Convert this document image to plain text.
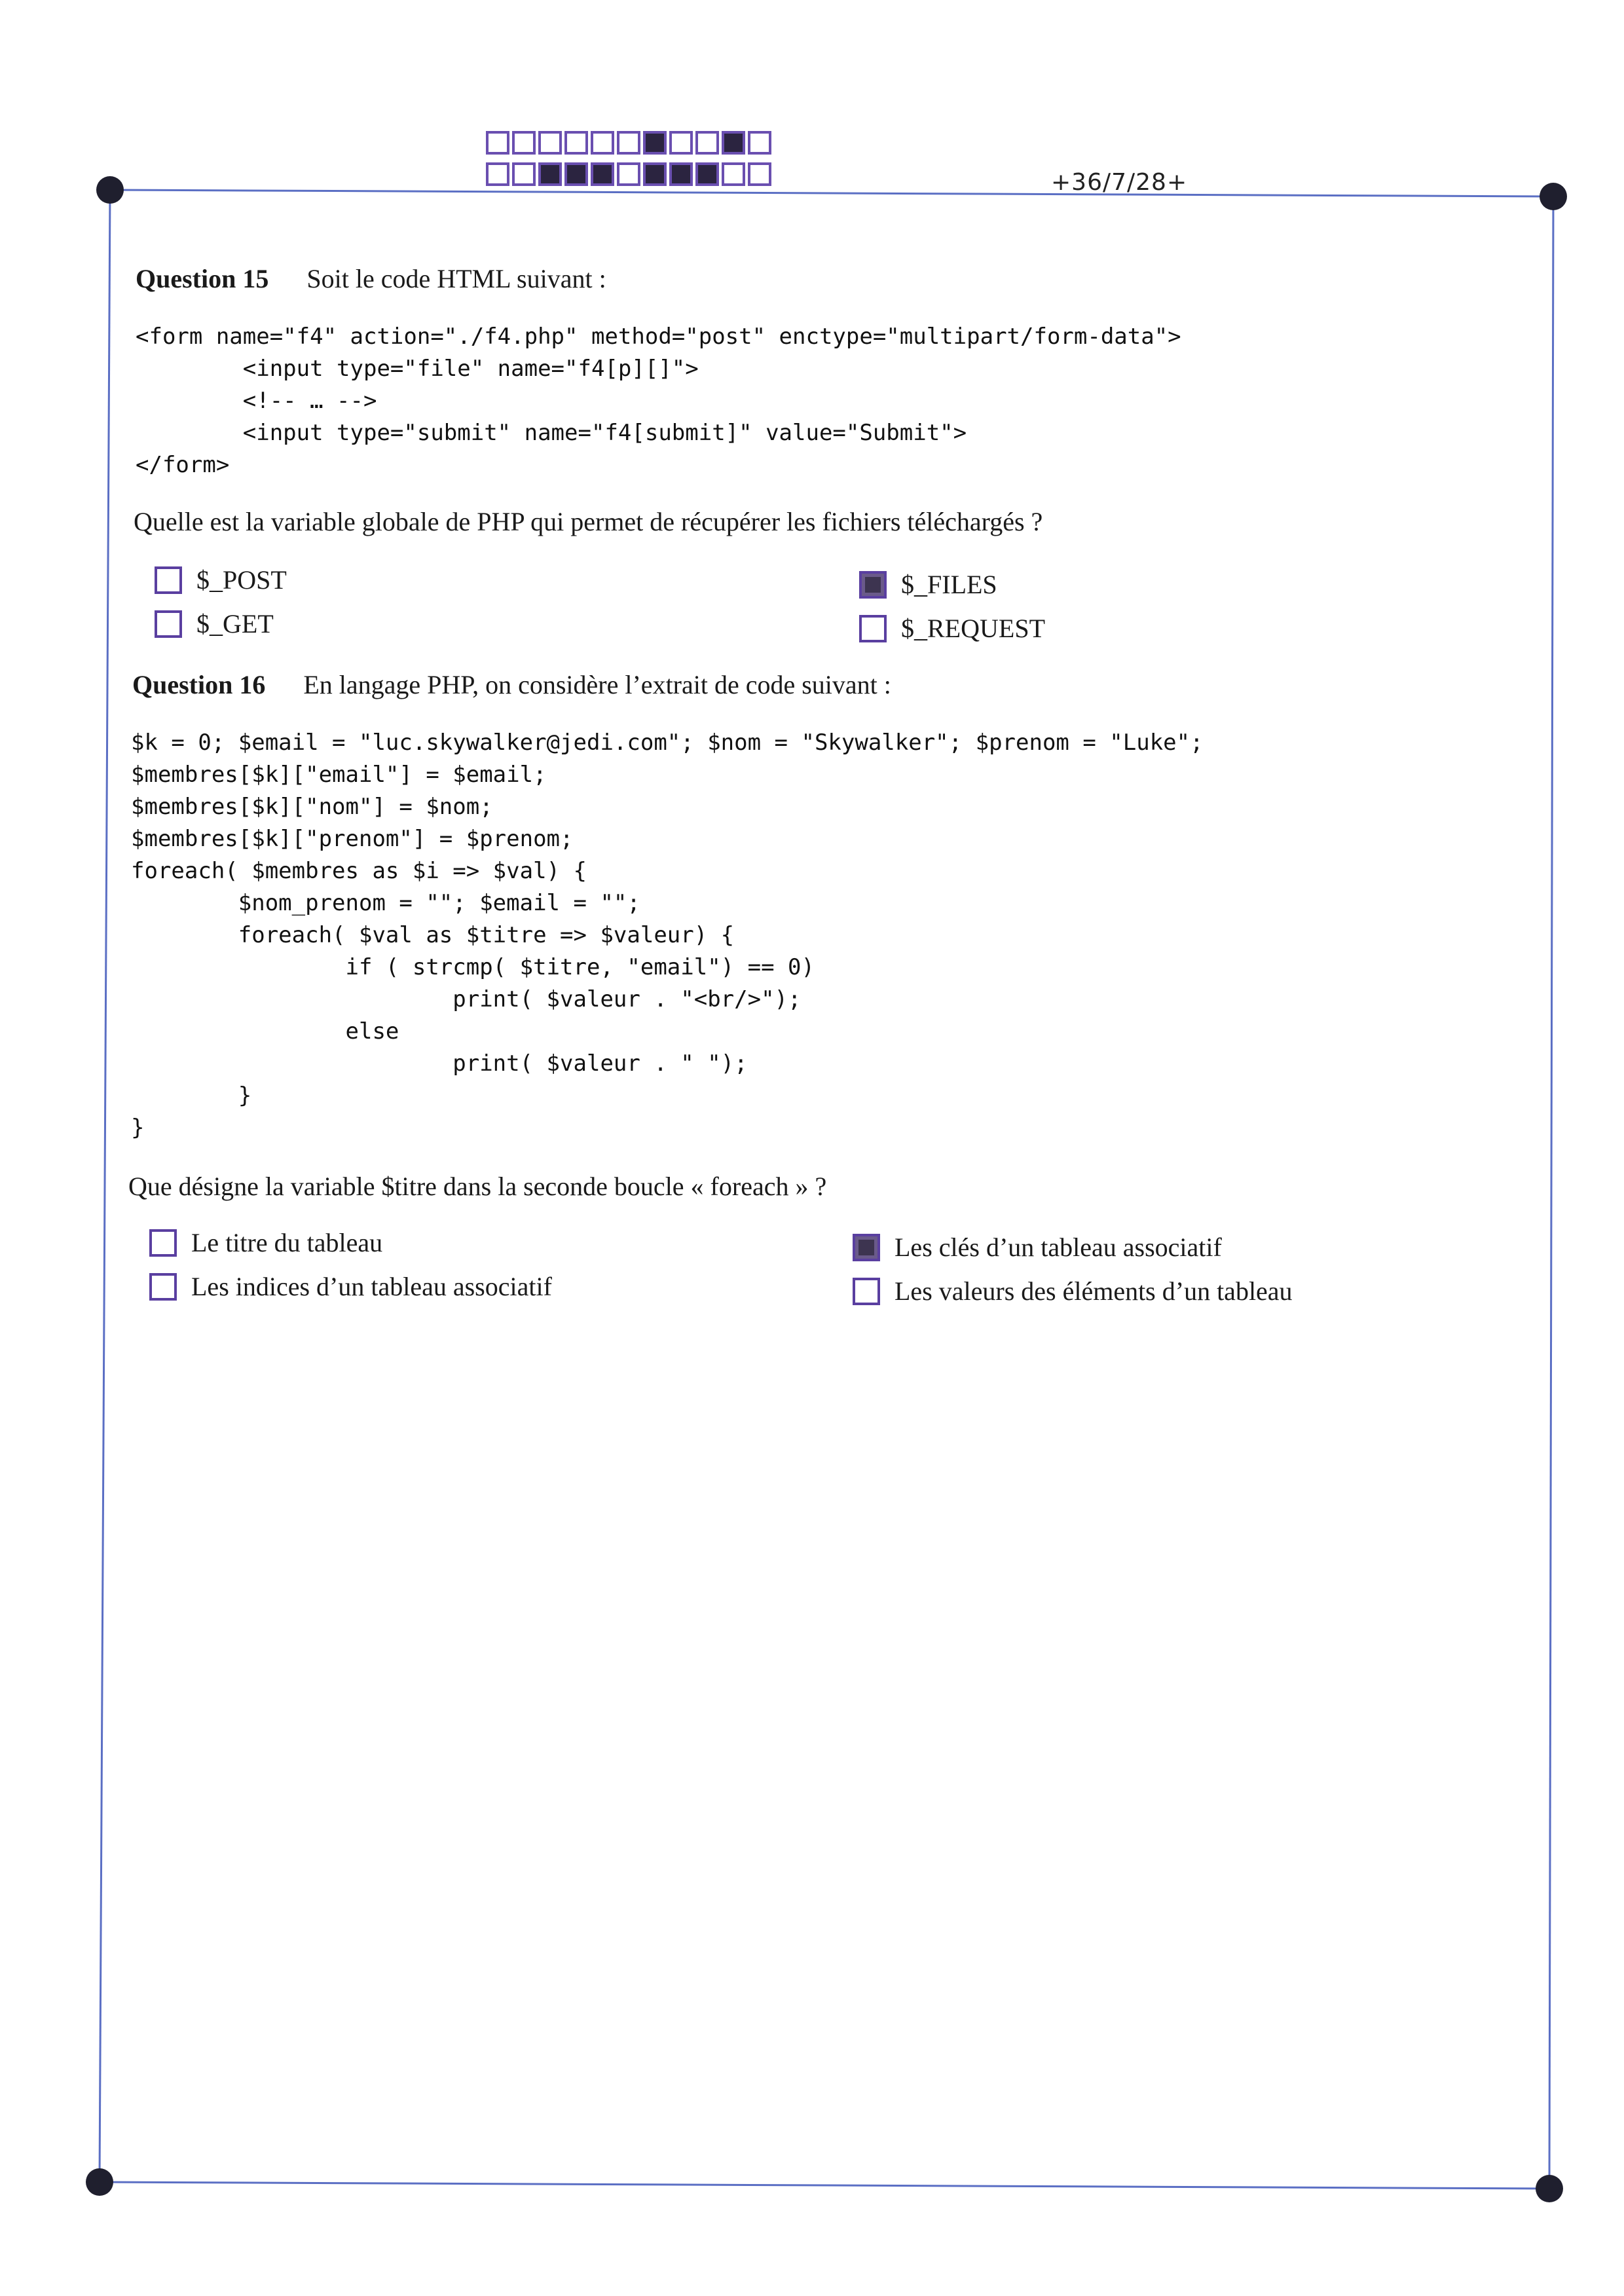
+36/7/28+
Question 15 Soit le code HTML suivant :
<form name="f4" action="./f4.php" method="post" enctype="multipart/form-data">
<input type="file" name="f4[p][]">
<!-- … -->
<input type="submit" name="f4[submit]" value="Submit">
</form>
Quelle est la variable globale de PHP qui permet de récupérer les fichiers téléchargés ?
$_POST
$_GET
$_FILES
$_REQUEST
Question 16 En langage PHP, on considère l’extrait de code suivant :
$k = 0; $email = "luc.skywalker@jedi.com"; $nom = "Skywalker"; $prenom = "Luke";
$membres[$k]["email"] = $email;
$membres[$k]["nom"] = $nom;
$membres[$k]["prenom"] = $prenom;
foreach( $membres as $i => $val) {
$nom_prenom = ""; $email = "";
foreach( $val as $titre => $valeur) {
if ( strcmp( $titre, "email") == 0)
print( $valeur . "<br/>");
else
print( $valeur . " ");
}
}
Que désigne la variable $titre dans la seconde boucle « foreach » ?
Le titre du tableau
Les indices d’un tableau associatif
Les clés d’un tableau associatif
Les valeurs des éléments d’un tableau
